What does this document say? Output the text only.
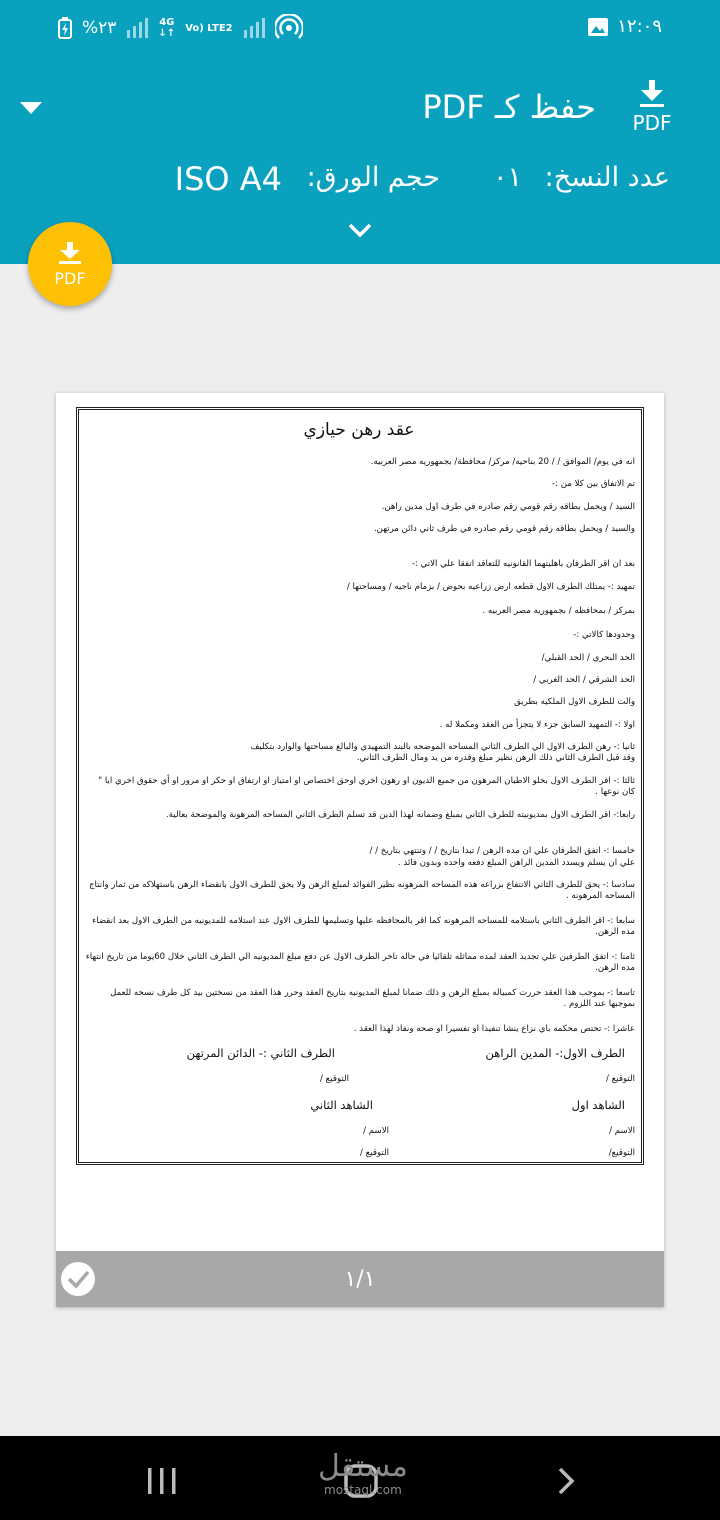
%٢٣	4G
↓↑ Vo) LTE2	١٢:٠٩
حفظ كـ PDF PDF
عدد النسخ:
٠١
حجم الورق:
ISO A4
PDF
عقد رهن حيازي
انه في يوم/ الموافق / / 20 بناحيه/ مركز/ محافظة/ بجمهوريه مصر العربيه.
تم الاتفاق بين كلا من :-
السيد / ويحمل بطاقه رقم قومي رقم صادره في طرف اول مدين راهن.
والسيد / ويحمل بطاقه رقم قومي رقم صادره في طرف ثاني دائن مرتهن.
بعد ان اقر الطرفان باهليتهما القانونيه للتعاقد اتفقا علي الاتي :-
تمهيد :- يمتلك الطرف الاول قطعه ارض زراعيه بحوض / بزمام ناحيه / ومساحتها /
بمركز / بمحافظه / بجمهوريه مصر العربيه .
وحدودها كالاتي :-
الحد البحري / الحد القبلي/
الحد الشرقي / الحد الغربي /
والت للطرف الاول الملكيه بطريق
اولا :- التمهيد السابق جزء لا يتجزأ من العقد ومكملا له .
ثانيا :- رهن الطرف الاول الي الطرف الثاني المساحه الموضحه بالبند التمهيدي والبالغ مساحتها والوارد بتكليف
وقد قبل الطرف الثاني ذلك الرهن نظير مبلغ وقدره من يد ومال الطرف الثاني.
ثالثا :- اقر الطرف الاول بخلو الاطيان المرهون من جميع الديون او رهون اخري اوحق اختصاص او امتياز او ارتفاق او حكر او مرور او أي حقوق اخري ايا " كان نوعها .
رابعا:- اقر الطرف الاول بمديونيته للطرف الثاني بمبلغ وضمانه لهذا الدين قد تسلم الطرف الثاني المساحه المرهونة والموضحة بعالية.
خامسا :- اتفق الطرفان علي ان مده الرهن / تبدا بتاريخ / / وتنتهي بتاريخ / /
علي ان يسلم ويسدد المدين الراهن المبلغ دفعه واحده وبدون فائد .
سادسا :- يحق للطرف الثاني الانتفاع بزراعه هذه المساحه المرهونه نظير الفوائد لمبلغ الرهن ولا يحق للطرف الاول بانقضاء الرهن باستهلاكه من ثمار وانتاج المساحه المرهونه .
سابعا :- اقر الطرف الثاني باستلامه للمساحه المرهونه كما اقر بالمحافظه عليها وتسليمها للطرف الاول عند استلامه للمديونيه من الطرف الاول بعد انقضاء مده الرهن.
ثامنا :- اتفق الطرفين علي تجديد العقد لمده مماثله تلقائيا في حاله تاخر الطرف الاول عن دفع مبلغ المديونيه الي الطرف الثاني خلال 60يوما من تاريخ انتهاء مده الرهن.
تاسعا :- بموجب هذا العقد حررت كمبياله بمبلغ الرهن و ذلك ضمانا لمبلغ المديونيه بتاريخ العقد وحرر هذا العقد من نسختين بيد كل طرف نسخه للعمل بموجبها عند اللزوم .
عاشرا :- تختص محكمه باي نزاع ينشا تنفيذا او تفسيرا او صحه ونفاذ لهذا العقد .
الطرف الاول:- المدين الراهن
الطرف الثاني :- الدائن المرتهن
التوقيع /
التوقيع /
الشاهد اول
الشاهد الثاني
الاسم /
الاسم /
التوقيع/
التوقيع /
١/١
مستقل
mostaql.com
